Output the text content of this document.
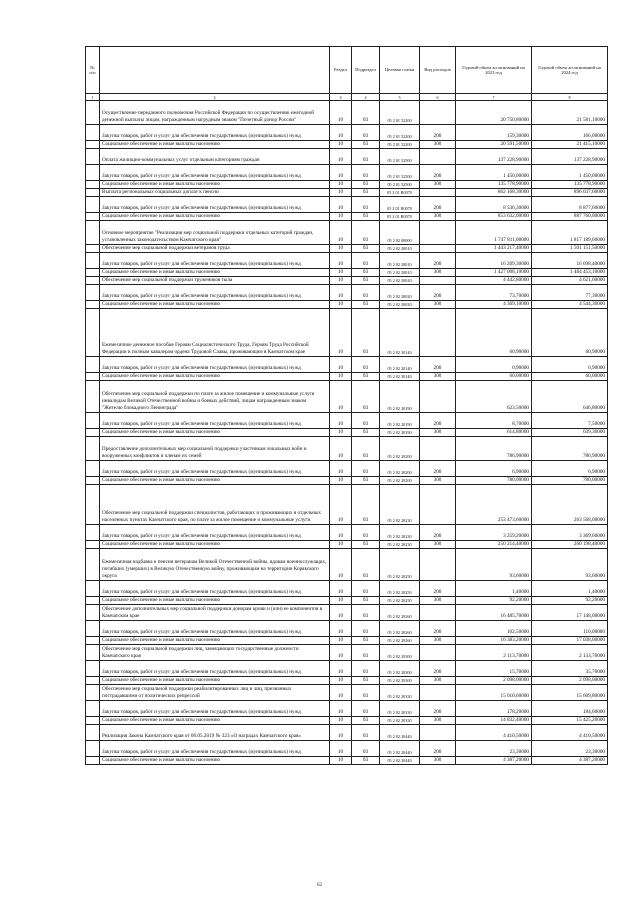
№ п/п		Раздел	Подраздел	Целевая статья	Вид расходов	Годовой объем ассигнований на 2023 год	Годовой объем ассигнований на 2024 год
1	2	3	4	5	6	7	8
	Осуществление переданного полномочия Российской Федерации по осуществлению ежегодной денежной выплаты лицам, награжденным нагрудным знаком "Почетный донор России"	10	03	05 2 01 52200		20 750,80000	21 581,10000
	Закупка товаров, работ и услуг для обеспечения государственных (муниципальных) нужд	10	03	05 2 01 52200	200	159,30000	166,00000
	Социальное обеспечение и иные выплаты населению	10	03	05 2 01 52200	300	20 591,50000	21 415,10000
	Оплата жилищно-коммунальных услуг отдельным категориям граждан	10	03	05 2 01 52500		137 228,90000	137 228,90000
	Закупка товаров, работ и услуг для обеспечения государственных (муниципальных) нужд	10	03	05 2 01 52500	200	1 450,00000	1 450,00000
	Социальное обеспечение и иные выплаты населению	10	03	05 2 01 52500	300	135 778,90000	135 778,90000
	Выплата региональных социальных доплат к пенсии	10	03	05 2 01 R0070		862 168,30000	896 637,60000
	Закупка товаров, работ и услуг для обеспечения государственных (муниципальных) нужд	10	03	05 2 01 R0070	200	8 536,30000	8 877,60000
	Социальное обеспечение и иные выплаты населению	10	03	05 2 01 R0070	300	853 632,00000	887 760,00000
	Основное мероприятие "Реализация мер социальной поддержки отдельных категорий граждан, установленных законодательством Камчатского края"	10	03	05 2 02 00000		1 747 811,00000	1 817 189,60000
	Обеспечение мер социальной поддержки ветеранов труда	10	03	05 2 02 20010		1 443 217,40000	1 501 151,50000
	Закупка товаров, работ и услуг для обеспечения государственных (муниципальных) нужд	10	03	05 2 02 20010	200	16 209,30000	16 698,40000
	Социальное обеспечение и иные выплаты населению	10	03	05 2 02 20010	300	1 427 008,10000	1 484 453,10000
	Обеспечение мер социальной поддержки тружеников тыла	10	03	05 2 02 20020		4 442,80000	4 621,60000
	Закупка товаров, работ и услуг для обеспечения государственных (муниципальных) нужд	10	03	05 2 02 20020	200	73,70000	77,30000
	Социальное обеспечение и иные выплаты населению	10	03	05 2 02 20020	300	4 369,10000	4 544,30000
	Ежемесячное денежное пособие Героям Социалистического Труда, Героям Труда Российской Федерации и полным кавалерам ордена Трудовой Славы, проживающим в Камчатском крае	10	03	05 2 02 20140		60,90000	60,90000
	Закупка товаров, работ и услуг для обеспечения государственных (муниципальных) нужд	10	03	05 2 02 20140	200	0,90000	0,90000
	Социальное обеспечение и иные выплаты населению	10	03	05 2 02 20140	300	60,00000	60,00000
	Обеспечение мер социальной поддержки по плате за жилое помещение и коммунальные услуги инвалидам Великой Отечественной войны и боевых действий, лицам награжденным знаком "Жителю блокадного Ленинграда"	10	03	05 2 02 20190		623,50000	646,80000
	Закупка товаров, работ и услуг для обеспечения государственных (муниципальных) нужд	10	03	05 2 02 20190	200	8,70000	7,50000
	Социальное обеспечение и иные выплаты населению	10	03	05 2 02 20190	300	614,80000	639,30000
	Предоставление дополнительных мер социальной поддержки участникам локальных войн и вооруженных конфликтов и членам их семей	10	03	05 2 02 20200		786,90000	786,90000
	Закупка товаров, работ и услуг для обеспечения государственных (муниципальных) нужд	10	03	05 2 02 20200	200	6,90000	6,90000
	Социальное обеспечение и иные выплаты населению	10	03	05 2 02 20200	300	780,00000	780,00000
	Обеспечение мер социальной поддержки специалистов, работающих и проживающих в отдельных населенных пунктах Камчатского края, по плате за жилое помещение и коммунальные услуги	10	03	05 2 02 20230		253 473,60000	263 568,00000
	Закупка товаров, работ и услуг для обеспечения государственных (муниципальных) нужд	10	03	05 2 02 20230	200	3 259,20000	3 369,60000
	Социальное обеспечение и иные выплаты населению	10	03	05 2 02 20230	300	250 214,40000	260 198,40000
	Ежемесячная надбавка к пенсии ветеранам Великой Отечественной войны, вдовам военнослужащих, погибших (умерших) в Великую Отечественную войну, проживающим на территории Корякского округа	10	03	05 2 02 20250		93,60000	93,60000
	Закупка товаров, работ и услуг для обеспечения государственных (муниципальных) нужд	10	03	05 2 02 20250	200	1,40000	1,40000
	Социальное обеспечение и иные выплаты населению	10	03	05 2 02 20250	300	92,20000	92,20000
	Обеспечение дополнительных мер социальной поддержки донорам крови и (или) ее компонентов в Камчатском крае	10	03	05 2 02 20260		16 485,70000	17 148,00000
	Закупка товаров, работ и услуг для обеспечения государственных (муниципальных) нужд	10	03	05 2 02 20260	200	102,50000	110,00000
	Социальное обеспечение и иные выплаты населению	10	03	05 2 02 20260	300	16 383,20000	17 038,00000
	Обеспечение мер социальной поддержки лиц, замещающих государственные должности Камчатского края	10	03	05 2 02 20300		2 113,70000	2 133,70000
	Закупка товаров, работ и услуг для обеспечения государственных (муниципальных) нужд	10	03	05 2 02 20300	200	15,70000	35,70000
	Социальное обеспечение и иные выплаты населению	10	03	05 2 02 20300	300	2 098,00000	2 098,00000
	Обеспечение мер социальной поддержки реабилитированных лиц и лиц, признанных пострадавшими от политических репрессий	10	03	05 2 02 20330		15 010,60000	15 609,80000
	Закупка товаров, работ и услуг для обеспечения государственных (муниципальных) нужд	10	03	05 2 02 20330	200	178,20000	184,60000
	Социальное обеспечение и иные выплаты населению	10	03	05 2 02 20330	300	14 832,40000	15 425,20000
	Реализация Закона Камчатского края от 06.05.2019 № 323 «О наградах Камчатского края»	10	03	05 2 02 20440		4 410,50000	4 410,50000
	Закупка товаров, работ и услуг для обеспечения государственных (муниципальных) нужд	10	03	05 2 02 20440	200	23,30000	23,30000
	Социальное обеспечение и иные выплаты населению	10	03	05 2 02 20440	300	4 387,20000	4 387,20000
62
